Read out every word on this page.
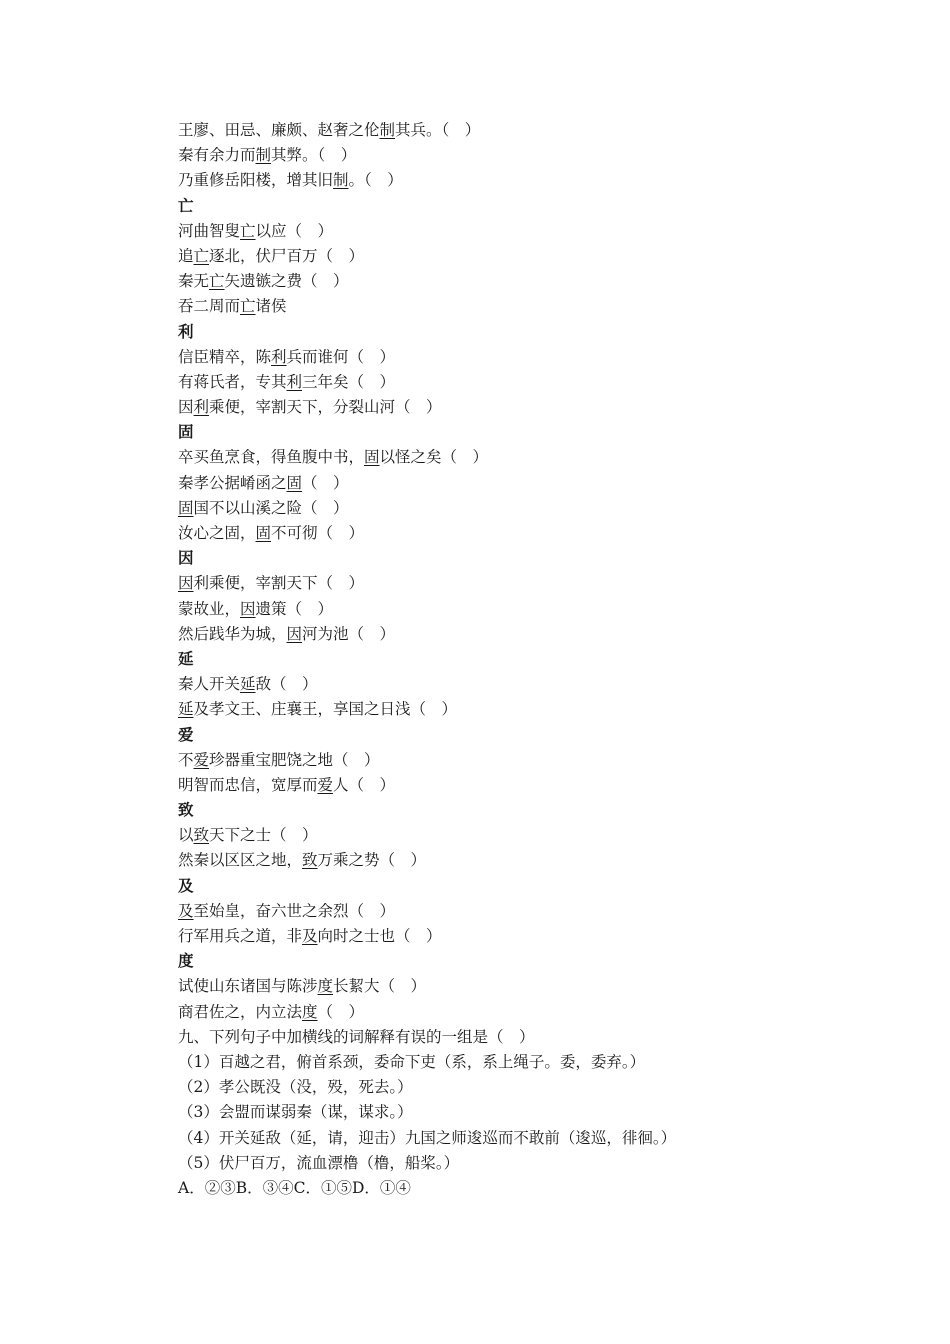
王廖、田忌、廉颇、赵奢之伦制其兵。（　）
秦有余力而制其弊。（　）
乃重修岳阳楼，增其旧制。（　）
亡
河曲智叟亡以应（　）
追亡逐北，伏尸百万（　）
秦无亡矢遗镞之费（　）
吞二周而亡诸侯
利
信臣精卒，陈利兵而谁何（　）
有蒋氏者，专其利三年矣（　）
因利乘便，宰割天下，分裂山河（　）
固
卒买鱼烹食，得鱼腹中书，固以怪之矣（　）
秦孝公据崤函之固（　）
固国不以山溪之险（　）
汝心之固，固不可彻（　）
因
因利乘便，宰割天下（　）
蒙故业，因遗策（　）
然后践华为城，因河为池（　）
延
秦人开关延敌（　）
延及孝文王、庄襄王，享国之日浅（　）
爱
不爱珍器重宝肥饶之地（　）
明智而忠信，宽厚而爱人（　）
致
以致天下之士（　）
然秦以区区之地，致万乘之势（　）
及
及至始皇，奋六世之余烈（　）
行军用兵之道，非及向时之士也（　）
度
试使山东诸国与陈涉度长絜大（　）
商君佐之，内立法度（　）
九、下列句子中加横线的词解释有误的一组是（　）
（1）百越之君，俯首系颈，委命下吏（系，系上绳子。委，委弃。）
（2）孝公既没（没，殁，死去。）
（3）会盟而谋弱秦（谋，谋求。）
（4）开关延敌（延，请，迎击）九国之师逡巡而不敢前（逡巡，徘徊。）
（5）伏尸百万，流血漂橹（橹，船桨。）
A．②③B．③④C．①⑤D．①④
